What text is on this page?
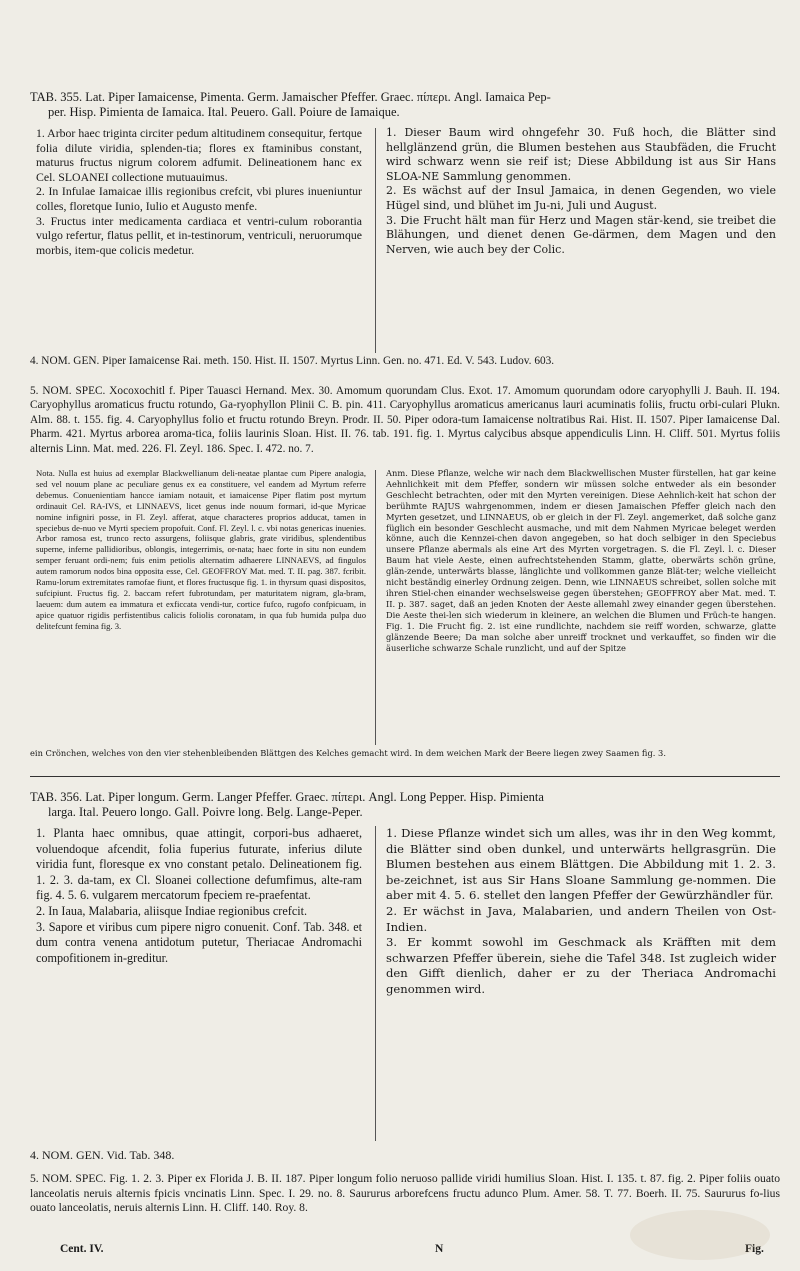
TAB. 355. Lat. Piper Iamaicense, Pimenta. Germ. Jamaischer Pfeffer. Graec. πίπερι. Angl. Iamaica Pep-
per. Hisp. Pimienta de Iamaica. Ital. Peuero. Gall. Poiure de Iamaique.

1. Arbor haec triginta circiter pedum altitudinem consequitur, fertque folia dilute viridia, splenden-tia; flores ex ftaminibus constant, maturus fructus nigrum colorem adfumit. Delineationem hanc ex Cel. SLOANEI collectione mutuauimus.

2. In Infulae Iamaicae illis regionibus crefcit, vbi plures inueniuntur colles, floretque Iunio, Iulio et Augusto menfe.

3. Fructus inter medicamenta cardiaca et ventri-culum roborantia vulgo refertur, flatus pellit, et in-testinorum, ventriculi, neruorumque morbis, item-que colicis medetur.

1. Dieser Baum wird ohngefehr 30. Fuß hoch, die Blätter sind hellglänzend grün, die Blumen bestehen aus Staubfäden, die Frucht wird schwarz wenn sie reif ist; Diese Abbildung ist aus Sir Hans SLOA-NE Sammlung genommen.

2. Es wächst auf der Insul Jamaica, in denen Gegenden, wo viele Hügel sind, und blühet im Ju-ni, Juli und August.

3. Die Frucht hält man für Herz und Magen stär-kend, sie treibet die Blähungen, und dienet denen Ge-därmen, dem Magen und den Nerven, wie auch bey der Colic.

4. NOM. GEN. Piper Iamaicense Rai. meth. 150. Hist. II. 1507. Myrtus Linn. Gen. no. 471. Ed. V. 543. Ludov. 603.
5. NOM. SPEC. Xocoxochitl f. Piper Tauasci Hernand. Mex. 30. Amomum quorundam Clus. Exot. 17. Amomum quorundam odore caryophylli J. Bauh. II. 194. Caryophyllus aromaticus fructu rotundo, Ga-ryophyllon Plinii C. B. pin. 411. Caryophyllus aromaticus americanus lauri acuminatis foliis, fructu orbi-culari Plukn. Alm. 88. t. 155. fig. 4. Caryophyllus folio et fructu rotundo Breyn. Prodr. II. 50. Piper odora-tum Iamaicense noltratibus Rai. Hist. II. 1507. Piper Iamaicense Dal. Pharm. 421. Myrtus arborea aroma-tica, foliis laurinis Sloan. Hist. II. 76. tab. 191. fig. 1. Myrtus calycibus absque appendiculis Linn. H. Cliff. 501. Myrtus foliis alternis Linn. Mat. med. 226. Fl. Zeyl. 186. Spec. I. 472. no. 7.
Nota. Nulla est huius ad exemplar Blackwellianum deli-neatae plantae cum Pipere analogia, sed vel nouum plane ac peculiare genus ex ea constituere, vel eandem ad Myrtum referre debemus. Conuenientiam hancce iamiam notauit, et iamaicense Piper flatim post myrtum ordinauit Cel. RA-IVS, et LINNAEVS, licet genus inde nouum formari, id-que Myricae nomine infigniri posse, in Fl. Zeyl. afferat, atque characteres proprios adducat, tamen in speciebus de-nuo ve Myrti speciem propofuit. Conf. Fl. Zeyl. l. c. vbi notas genericas inuenies. Arbor ramosa est, trunco recto assurgens, foliisque glabris, grate viridibus, splendentibus superne, inferne pallidioribus, oblongis, integerrimis, or-nata; haec forte in situ non eundem semper feruant ordi-nem; fuis enim petiolis alternatim adhaerere LINNAEVS, ad fingulos autem ramorum nodos bina opposita esse, Cel. GEOFFROY Mat. med. T. II. pag. 387. fcribit. Ramu-lorum extremitates ramofae fiunt, et flores fructusque fig. 1. in thyrsum quasi dispositos, sufcipiunt. Fructus fig. 2. baccam refert fubrotundam, per maturitatem nigram, gla-bram, laeuem: dum autem ea immatura et exficcata vendi-tur, cortice fufco, rugofo confpicuam, in apice quatuor rigidis perfistentibus calicis foliolis coronatam, in qua fub humida pulpa duo delitefcunt femina fig. 3.
Anm. Diese Pflanze, welche wir nach dem Blackwellischen Muster fürstellen, hat gar keine Aehnlichkeit mit dem Pfeffer, sondern wir müssen solche entweder als ein besonder Geschlecht betrachten, oder mit den Myrten vereinigen. Diese Aehnlich-keit hat schon der berühmte RAJUS wahrgenommen, indem er diesen Jamaischen Pfeffer gleich nach den Myrten gesetzet, und LINNAEUS, ob er gleich in der Fl. Zeyl. angemerket, daß solche ganz füglich ein besonder Geschlecht ausmache, und mit dem Nahmen Myricae beleget werden könne, auch die Kennzei-chen davon angegeben, so hat doch selbiger in den Speciebus unsere Pflanze abermals als eine Art des Myrten vorgetragen. S. die Fl. Zeyl. l. c. Dieser Baum hat viele Aeste, einen aufrechtstehenden Stamm, glatte, oberwärts schön grüne, glän-zende, unterwärts blasse, länglichte und vollkommen ganze Blät-ter; welche vielleicht nicht beständig einerley Ordnung zeigen. Denn, wie LINNAEUS schreibet, sollen solche mit ihren Stiel-chen einander wechselsweise gegen überstehen; GEOFFROY aber Mat. med. T. II. p. 387. saget, daß an jeden Knoten der Aeste allemahl zwey einander gegen überstehen. Die Aeste thei-len sich wiederum in kleinere, an welchen die Blumen und Früch-te hangen. Fig. 1. Die Frucht fig. 2. ist eine rundlichte, nachdem sie reiff worden, schwarze, glatte glänzende Beere; Da man solche aber unreiff trocknet und verkauffet, so finden wir die äuserliche schwarze Schale runzlicht, und auf der Spitze
ein Crönchen, welches von den vier stehenbleibenden Blättgen des Kelches gemacht wird. In dem weichen Mark der Beere liegen zwey Saamen fig. 3.
TAB. 356. Lat. Piper longum. Germ. Langer Pfeffer. Graec. πίπερι. Angl. Long Pepper. Hisp. Pimienta
larga. Ital. Peuero longo. Gall. Poivre long. Belg. Lange-Peper.

1. Planta haec omnibus, quae attingit, corpori-bus adhaeret, voluendoque afcendit, folia fuperius futurate, inferius dilute viridia funt, floresque ex vno constant petalo. Delineationem fig. 1. 2. 3. da-tam, ex Cl. Sloanei collectione defumfimus, alte-ram fig. 4. 5. 6. vulgarem mercatorum fpeciem re-praefentat.

2. In Iaua, Malabaria, aliisque Indiae regionibus crefcit.

3. Sapore et viribus cum pipere nigro conuenit. Conf. Tab. 348. et dum contra venena antidotum putetur, Theriacae Andromachi compofitionem in-greditur.

1. Diese Pflanze windet sich um alles, was ihr in den Weg kommt, die Blätter sind oben dunkel, und unterwärts hellgrasgrün. Die Blumen bestehen aus einem Blättgen. Die Abbildung mit 1. 2. 3. be-zeichnet, ist aus Sir Hans Sloane Sammlung ge-nommen. Die aber mit 4. 5. 6. stellet den langen Pfeffer der Gewürzhändler für.

2. Er wächst in Java, Malabarien, und andern Theilen von Ost-Indien.

3. Er kommt sowohl im Geschmack als Kräfften mit dem schwarzen Pfeffer überein, siehe die Tafel 348. Ist zugleich wider den Gifft dienlich, daher er zu der Theriaca Andromachi genommen wird.

4. NOM. GEN. Vid. Tab. 348.
5. NOM. SPEC. Fig. 1. 2. 3. Piper ex Florida J. B. II. 187. Piper longum folio neruoso pallide viridi humilius Sloan. Hist. I. 135. t. 87. fig. 2. Piper foliis ouato lanceolatis neruis alternis fpicis vncinatis Linn. Spec. I. 29. no. 8. Saururus arborefcens fructu adunco Plum. Amer. 58. T. 77. Boerh. II. 75. Saururus fo-lius ouato lanceolatis, neruis alternis Linn. H. Cliff. 140. Roy. 8.
Cent. IV.	N	Fig.
